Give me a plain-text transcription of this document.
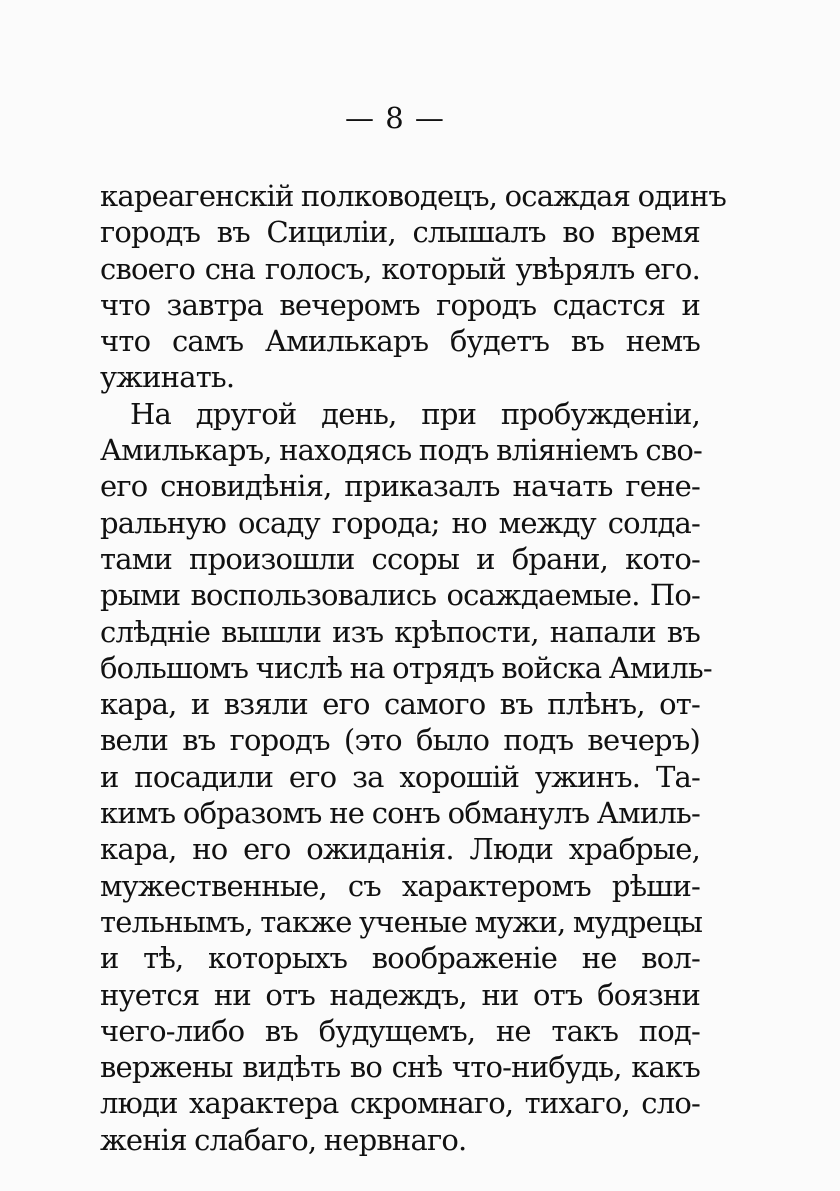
— 8 —
кареагенскій полководецъ, осаждая одинъ
городъ въ Сициліи, слышалъ во время
своего сна голосъ, который увѣрялъ его.
что завтра вечеромъ городъ сдастся и
что самъ Амилькаръ будетъ въ немъ
ужинать.
На другой день, при пробужденіи,
Амилькаръ, находясь подъ вліяніемъ сво-
его сновидѣнія, приказалъ начать гене-
ральную осаду города; но между солда-
тами произошли ссоры и брани, кото-
рыми воспользовались осаждаемые. По-
слѣдніе вышли изъ крѣпости, напали въ
большомъ числѣ на отрядъ войска Амиль-
кара, и взяли его самого въ плѣнъ, от-
вели въ городъ (это было подъ вечеръ)
и посадили его за хорошій ужинъ. Та-
кимъ образомъ не сонъ обманулъ Амиль-
кара, но его ожиданія. Люди храбрые,
мужественные, съ характеромъ рѣши-
тельнымъ, также ученые мужи, мудрецы
и тѣ, которыхъ воображеніе не вол-
нуется ни отъ надеждъ, ни отъ боязни
чего-либо въ будущемъ, не такъ под-
вержены видѣть во снѣ что-нибудь, какъ
люди характера скромнаго, тихаго, сло-
женія слабаго, нервнаго.
